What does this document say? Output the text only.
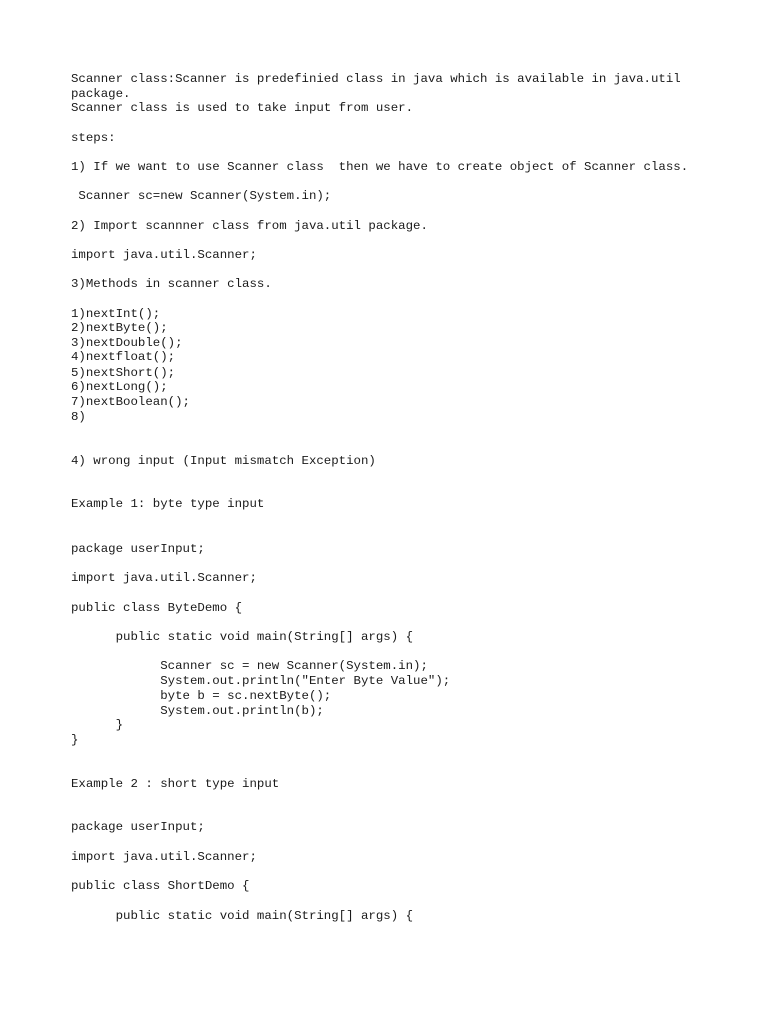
Scanner class:Scanner is predefinied class in java which is available in java.util

package.

Scanner class is used to take input from user.

steps:

1) If we want to use Scanner class  then we have to create object of Scanner class.

Scanner sc=new Scanner(System.in);

2) Import scannner class from java.util package.

import java.util.Scanner;

3)Methods in scanner class.

1)nextInt();

2)nextByte();

3)nextDouble();

4)nextfloat();

5)nextShort();

6)nextLong();

7)nextBoolean();

8)

4) wrong input (Input mismatch Exception)

Example 1: byte type input

package userInput;

import java.util.Scanner;

public class ByteDemo {

public static void main(String[] args) {

Scanner sc = new Scanner(System.in);

System.out.println("Enter Byte Value");

byte b = sc.nextByte();

System.out.println(b);

}

}

Example 2 : short type input

package userInput;

import java.util.Scanner;

public class ShortDemo {

public static void main(String[] args) {
